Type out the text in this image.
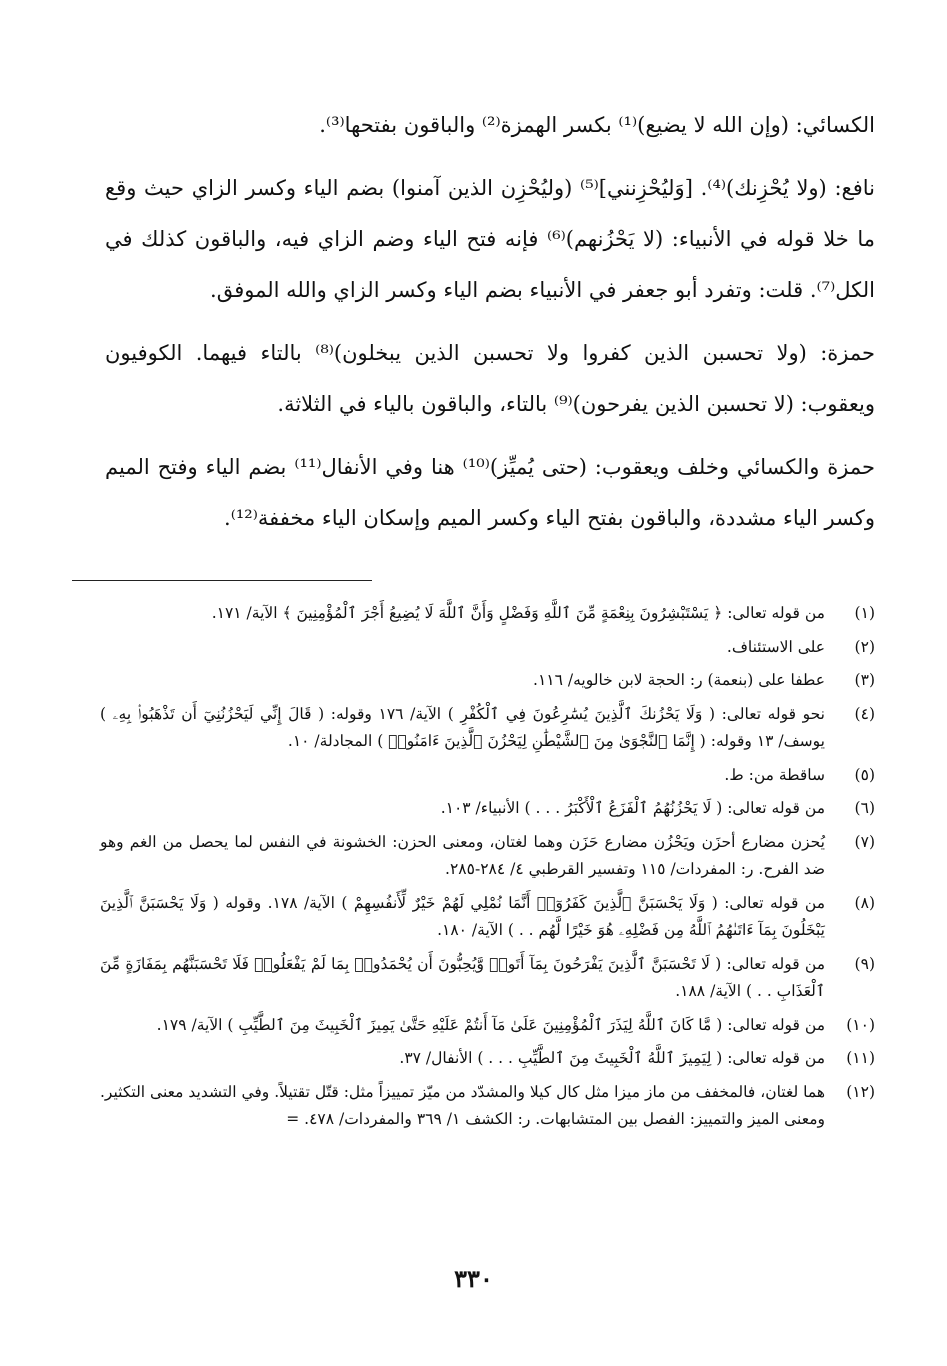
الكسائي: (وإن الله لا يضيع)⁽¹⁾ بكسر الهمزة⁽²⁾ والباقون بفتحها⁽³⁾.

نافع: (ولا يُحْزِنك)⁽⁴⁾. [وَليُحْزِنني]⁽⁵⁾ (وليُحْزِن الذين آمنوا) بضم الياء وكسر الزاي حيث وقع ما خلا قوله في الأنبياء: (لا يَحْزُنهم)⁽⁶⁾ فإنه فتح الياء وضم الزاي فيه، والباقون كذلك في الكل⁽⁷⁾. قلت: وتفرد أبو جعفر في الأنبياء بضم الياء وكسر الزاي والله الموفق.

حمزة: (ولا تحسبن الذين كفروا ولا تحسبن الذين يبخلون)⁽⁸⁾ بالتاء فيهما. الكوفيون ويعقوب: (لا تحسبن الذين يفرحون)⁽⁹⁾ بالتاء، والباقون بالياء في الثلاثة.

حمزة والكسائي وخلف ويعقوب: (حتى يُميِّز)⁽¹⁰⁾ هنا وفي الأنفال⁽¹¹⁾ بضم الياء وفتح الميم وكسر الياء مشددة، والباقون بفتح الياء وكسر الميم وإسكان الياء مخففة⁽¹²⁾.

(١)
من قوله تعالى: ﴿ يَسْتَبْشِرُونَ بِنِعْمَةٍ مِّنَ ٱللَّهِ وَفَضْلٍ وَأَنَّ ٱللَّهَ لَا يُضِيعُ أَجْرَ ٱلْمُؤْمِنِينَ ﴾ الآية/ ١٧١.
(٢)
على الاستئناف.
(٣)
عطفا على (بنعمة) ر: الحجة لابن خالويه/ ١١٦.
(٤)
نحو قوله تعالى: ( وَلَا يَحْزُنكَ ٱلَّذِينَ يُسَٰرِعُونَ فِي ٱلْكُفْرِ ) الآية/ ١٧٦ وقوله: ( قَالَ إِنِّي لَيَحْزُنُنِيٓ أَن تَذْهَبُوا۟ بِهِۦ ) يوسف/ ١٣ وقوله: ( إِنَّمَا ٱلنَّجْوَىٰ مِنَ ٱلشَّيْطَٰنِ لِيَحْزُنَ ٱلَّذِينَ ءَامَنُوا۟ ) المجادلة/ ١٠.
(٥)
ساقطة من: ط.
(٦)
من قوله تعالى: ( لَا يَحْزُنُهُمُ ٱلْفَزَعُ ٱلْأَكْبَرُ . . . ) الأنبياء/ ١٠٣.
(٧)
يُحزن مضارع أحزَن ويَحْزُن مضارع حَزَن وهما لغتان، ومعنى الحزن: الخشونة في النفس لما يحصل من الغم وهو ضد الفرح. ر: المفردات/ ١١٥ وتفسير القرطبي ٤/ ٢٨٤-٢٨٥.
(٨)
من قوله تعالى: ( وَلَا يَحْسَبَنَّ ٱلَّذِينَ كَفَرُوٓا۟ أَنَّمَا نُمْلِي لَهُمْ خَيْرٌ لِّأَنفُسِهِمْ ) الآية/ ١٧٨. وقوله ( وَلَا يَحْسَبَنَّ ٱلَّذِينَ يَبْخَلُونَ بِمَآ ءَاتَىٰهُمُ ٱللَّهُ مِن فَضْلِهِۦ هُوَ خَيْرًا لَّهُم . . ) الآية/ ١٨٠.
(٩)
من قوله تعالى: ( لَا تَحْسَبَنَّ ٱلَّذِينَ يَفْرَحُونَ بِمَآ أَتَوا۟ وَّيُحِبُّونَ أَن يُحْمَدُوا۟ بِمَا لَمْ يَفْعَلُوا۟ فَلَا تَحْسَبَنَّهُم بِمَفَازَةٍ مِّنَ ٱلْعَذَابِ . . ) الآية/ ١٨٨.
(١٠)
من قوله تعالى: ( مَّا كَانَ ٱللَّهُ لِيَذَرَ ٱلْمُؤْمِنِينَ عَلَىٰ مَآ أَنتُمْ عَلَيْهِ حَتَّىٰ يَمِيزَ ٱلْخَبِيثَ مِنَ ٱلطَّيِّبِ ) الآية/ ١٧٩.
(١١)
من قوله تعالى: ( لِيَمِيزَ ٱللَّهُ ٱلْخَبِيثَ مِنَ ٱلطَّيِّبِ . . . ) الأنفال/ ٣٧.
(١٢)
هما لغتان، فالمخفف من ماز ميزا مثل كال كيلا والمشدّد من ميّز تمييزاً مثل: قتّل تقتيلاً. وفي التشديد معنى التكثير. ومعنى الميز والتمييز: الفصل بين المتشابهات. ر: الكشف ١/ ٣٦٩ والمفردات/ ٤٧٨. =
٣٣٠
